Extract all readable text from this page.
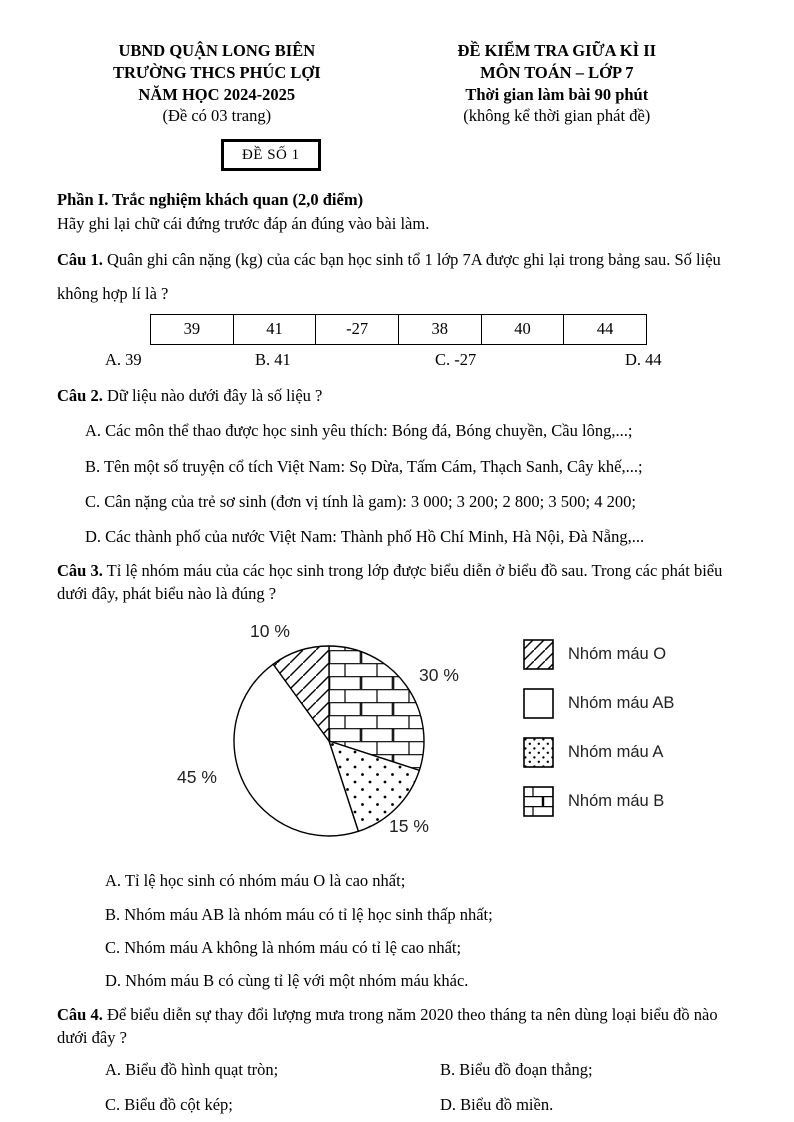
UBND QUẬN LONG BIÊN
TRƯỜNG THCS PHÚC LỢI
NĂM HỌC 2024-2025
(Đề có 03 trang)
ĐỀ SỐ 1
ĐỀ KIỂM TRA GIỮA KÌ II
MÔN TOÁN – LỚP 7
Thời gian làm bài 90 phút
(không kể thời gian phát đề)
Phần I. Trắc nghiệm khách quan (2,0 điểm)
Hãy ghi lại chữ cái đứng trước đáp án đúng vào bài làm.
Câu 1. Quân ghi cân nặng (kg) của các bạn học sinh tổ 1 lớp 7A được ghi lại trong bảng sau. Số liệu không hợp lí là ?
39	41	-27	38	40	44
A. 39	B. 41	C. -27	D. 44
Câu 2. Dữ liệu nào dưới đây là số liệu ?
A. Các môn thể thao được học sinh yêu thích: Bóng đá, Bóng chuyền, Cầu lông,...;
B. Tên một số truyện cổ tích Việt Nam: Sọ Dừa, Tấm Cám, Thạch Sanh, Cây khế,...;
C. Cân nặng của trẻ sơ sinh (đơn vị tính là gam): 3 000; 3 200; 2 800; 3 500; 4 200;
D. Các thành phố của nước Việt Nam: Thành phố Hồ Chí Minh, Hà Nội, Đà Nẵng,...
Câu 3. Tỉ lệ nhóm máu của các học sinh trong lớp được biểu diễn ở biểu đồ sau. Trong các phát biểu dưới đây, phát biểu nào là đúng ?
10 %
30 %
15 %
45 %
Nhóm máu O
Nhóm máu AB
Nhóm máu A
Nhóm máu B
A. Tỉ lệ học sinh có nhóm máu O là cao nhất;
B. Nhóm máu AB là nhóm máu có tỉ lệ học sinh thấp nhất;
C. Nhóm máu A không là nhóm máu có tỉ lệ cao nhất;
D. Nhóm máu B có cùng tỉ lệ với một nhóm máu khác.
Câu 4. Để biểu diễn sự thay đổi lượng mưa trong năm 2020 theo tháng ta nên dùng loại biểu đồ nào dưới đây ?
A. Biểu đồ hình quạt tròn;	B. Biểu đồ đoạn thẳng;
C. Biểu đồ cột kép;	D. Biểu đồ miền.
